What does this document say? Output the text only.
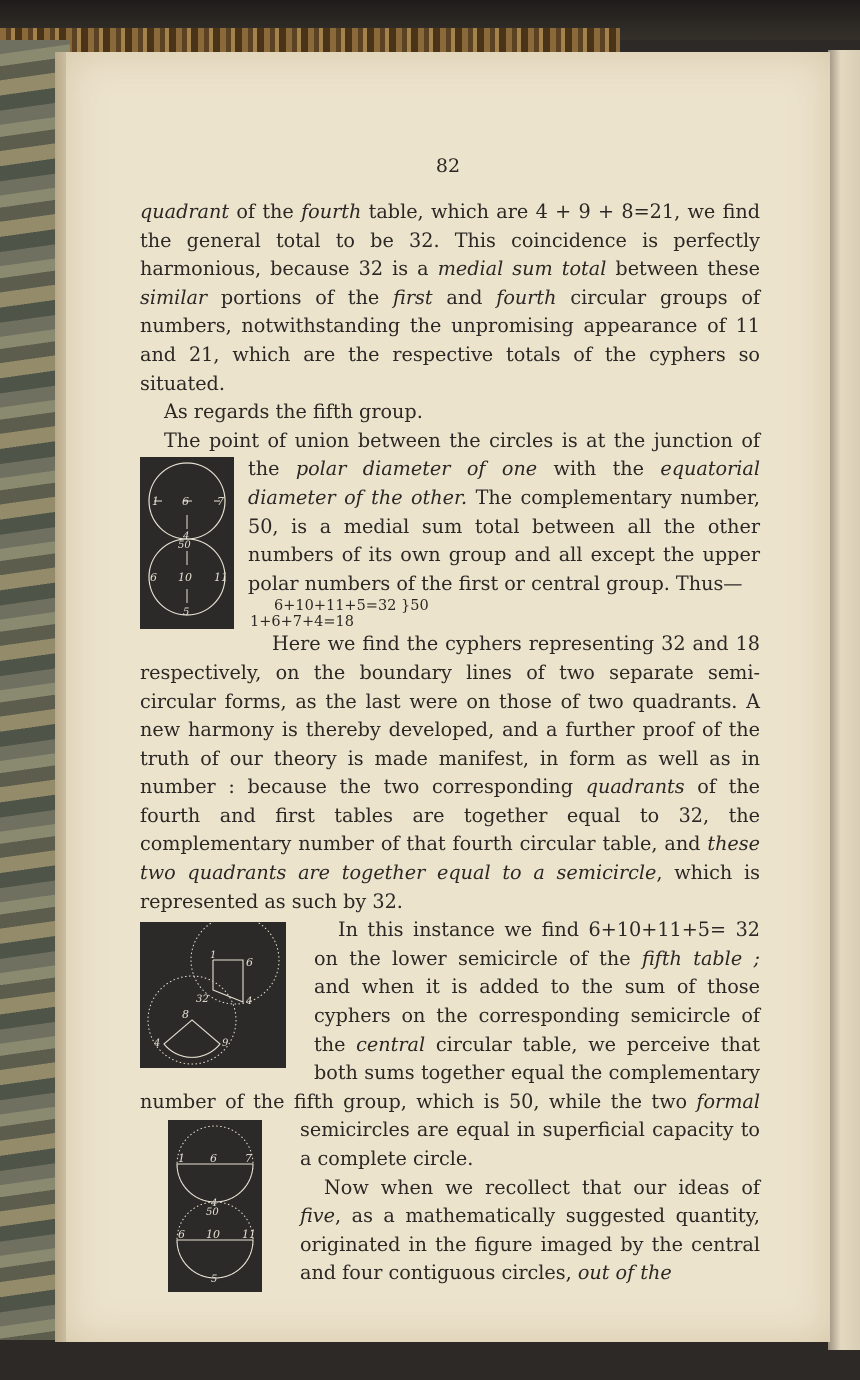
82

quadrant of the fourth table, which are 4 + 9 + 8=21, we find the general total to be 32. This coincidence is perfectly harmonious, because 32 is a medial sum total between these similar portions of the first and fourth circular groups of numbers, notwithstanding the unpromising appearance of 11 and 21, which are the respective totals of the cyphers so situated.

As regards the fifth group.

The point of union between the circles is at the junction of the polar diameter of one with the
1 6	7
4
50
6 10 11
5
equatorial diameter of the other. The complementary number, 50, is a medial sum total between all the other numbers of its own group and all except the upper polar numbers of the first or central group. Thus—
6+10+11+5=32 }50
1+6+7+4=18

Here we find the cyphers representing 32 and 18 respectively, on the boundary lines of two separate semi-circular forms, as the last were on those of two quadrants. A new harmony is thereby developed, and a further proof of the truth of our theory is made manifest, in form as well as in number : because the two corresponding quadrants of the fourth and first tables are together equal to 32, the complementary number of that fourth circular table, and these two quadrants are together equal to a semicircle, which is represented as such by 32.

1
6
32	4
8
4	9
In this instance we find 6+10+11+5= 32 on the lower semicircle of the fifth table ; and when it is added to the sum of those cyphers on the corresponding semicircle of the central circular table, we perceive that both sums together equal the complementary number of the fifth group, which is 50, while the two
1 6	7
4
50
6 10 11
5
formal semicircles are equal in superficial capacity to a complete circle.

Now when we recollect that our ideas of five, as a mathematically suggested quantity, originated in the figure imaged by the central and four contiguous circles, out of the
